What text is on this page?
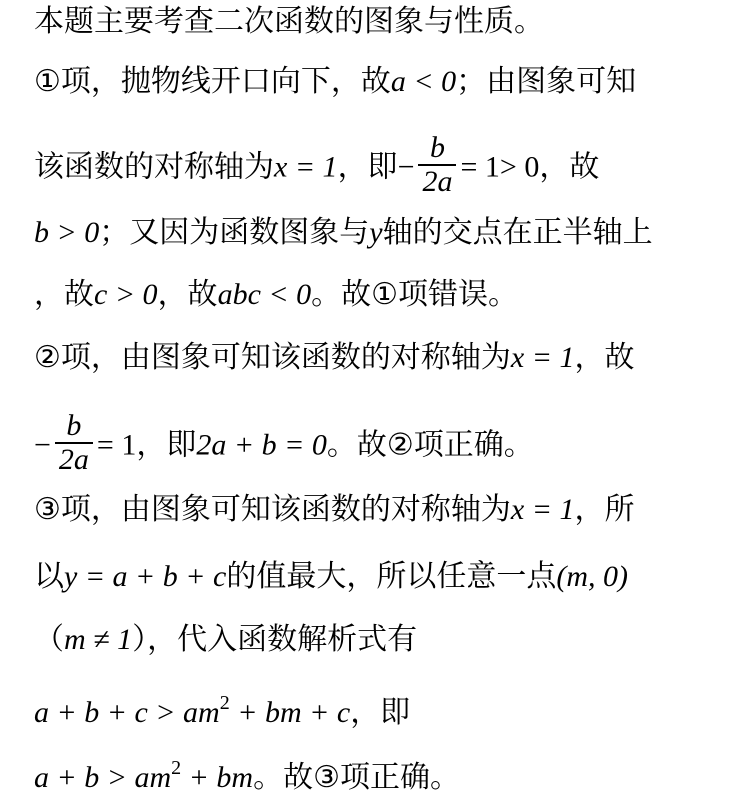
本题主要考查二次函数的图象与性质。
①项，抛物线开口向下，故a < 0；由图象可知
该函数的对称轴为x = 1，即− $\frac{b}{2a} = 1> 0$，故
b > 0；又因为函数图象与y轴的交点在正半轴上
，故c > 0，故abc < 0。故①项错误。
②项，由图象可知该函数的对称轴为x = 1，故
− $\frac{b}{2a} = 1$，即2a + b = 0。故②项正确。
③项，由图象可知该函数的对称轴为x = 1，所
以y = a + b + c的值最大，所以任意一点(m, 0)
（m ≠ 1），代入函数解析式有
$a + b + c > am^2$ + bm + c，即
$a + b > am^2$ + bm。故③项正确。
